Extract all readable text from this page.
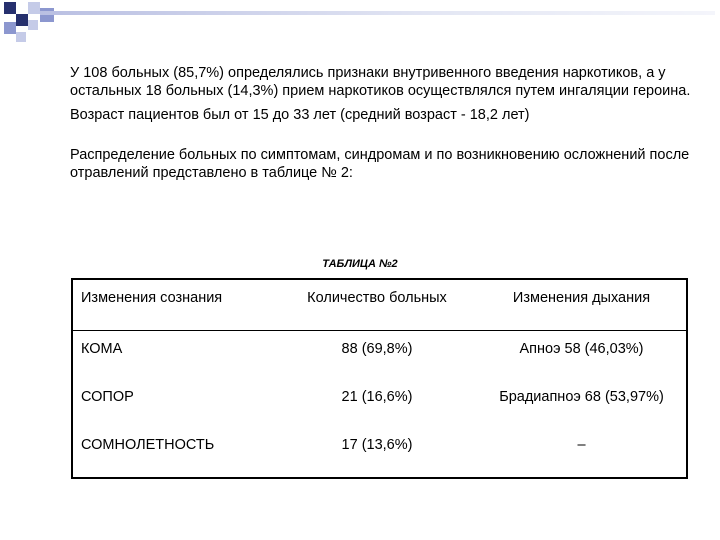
У 108 больных (85,7%) определялись признаки внутривенного введения наркотиков, а у остальных 18 больных (14,3%) прием наркотиков осуществлялся путем ингаляции героина.

Возраст пациентов был от 15 до 33 лет (средний возраст - 18,2 лет)

Распределение больных по симптомам, синдромам и по возникновению осложнений после отравлений представлено в таблице № 2:

ТАБЛИЦА №2
Изменения сознания	Количество больных	Изменения дыхания
КОМА	88 (69,8%)	Апноэ 58 (46,03%)
СОПОР	21 (16,6%)	Брадиапноэ 68 (53,97%)
СОМНОЛЕТНОСТЬ	17 (13,6%)	–
